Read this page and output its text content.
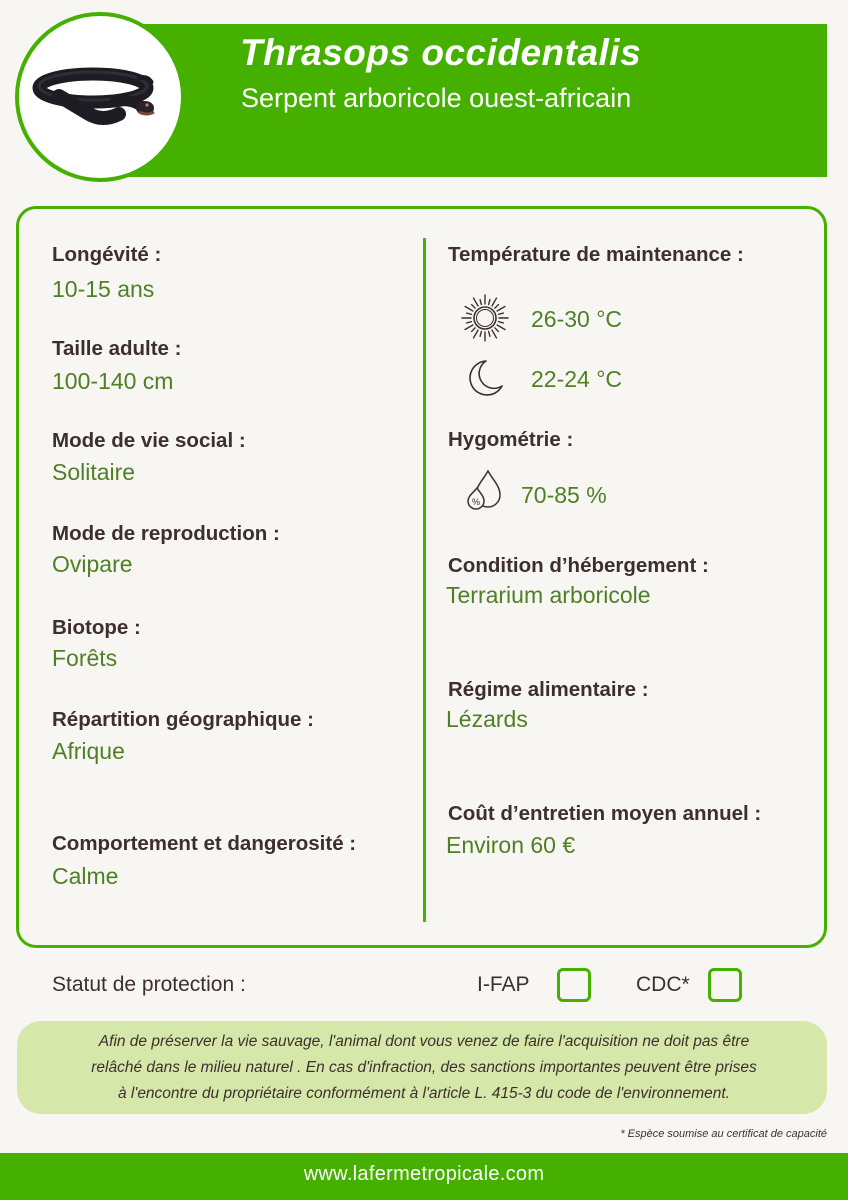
Thrasops occidentalis
Serpent arboricole ouest-africain
Longévité :
10-15 ans
Taille adulte :
100-140 cm
Mode de vie social :
Solitaire
Mode de reproduction :
Ovipare
Biotope :
Forêts
Répartition géographique :
Afrique
Comportement et dangerosité :
Calme
Température de maintenance :
26-30 °C
22-24 °C
Hygométrie :
% 70-85 %
Condition d’hébergement :
Terrarium arboricole
Régime alimentaire :
Lézards
Coût d’entretien moyen annuel :
Environ 60 €
Statut de protection :	I-FAP	CDC*
Afin de préserver la vie sauvage, l'animal dont vous venez de faire l'acquisition ne doit pas être
relâché dans le milieu naturel . En cas d'infraction, des sanctions importantes peuvent être prises
à l'encontre du propriétaire conformément à l'article L. 415-3 du code de l'environnement.
* Espèce soumise au certificat de capacité
www.lafermetropicale.com
